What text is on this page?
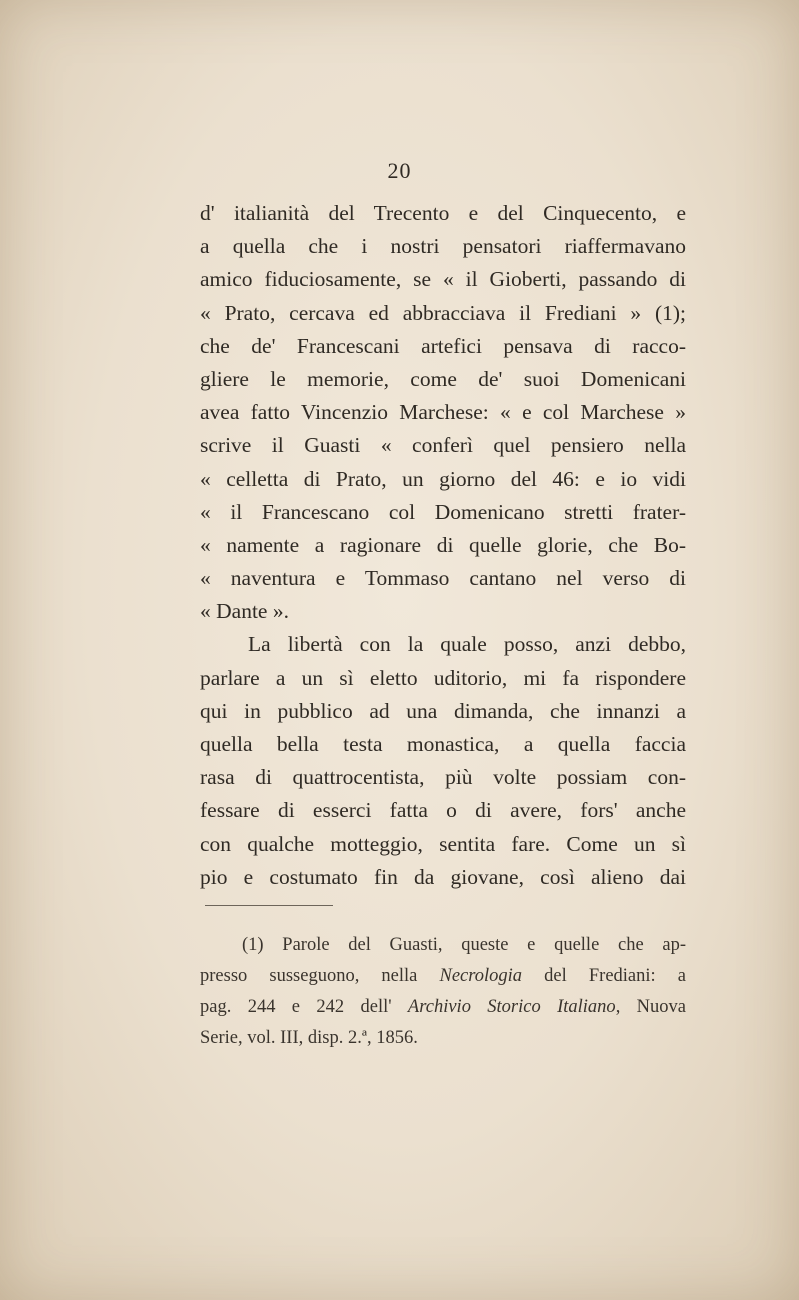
20
d' italianità del Trecento e del Cinquecento, e
a quella che i nostri pensatori riaffermavano
amico fiduciosamente, se « il Gioberti, passando di
« Prato, cercava ed abbracciava il Frediani » (1);
che de' Francescani artefici pensava di racco-
gliere le memorie, come de' suoi Domenicani
avea fatto Vincenzio Marchese: « e col Marchese »
scrive il Guasti « conferì quel pensiero nella
« celletta di Prato, un giorno del 46: e io vidi
« il Francescano col Domenicano stretti frater-
« namente a ragionare di quelle glorie, che Bo-
« naventura e Tommaso cantano nel verso di
« Dante ».
La libertà con la quale posso, anzi debbo,
parlare a un sì eletto uditorio, mi fa rispondere
qui in pubblico ad una dimanda, che innanzi a
quella bella testa monastica, a quella faccia
rasa di quattrocentista, più volte possiam con-
fessare di esserci fatta o di avere, fors' anche
con qualche motteggio, sentita fare. Come un sì
pio e costumato fin da giovane, così alieno dai
(1) Parole del Guasti, queste e quelle che ap-
presso susseguono, nella Necrologia del Frediani: a
pag. 244 e 242 dell' Archivio Storico Italiano, Nuova
Serie, vol. III, disp. 2.ª, 1856.
